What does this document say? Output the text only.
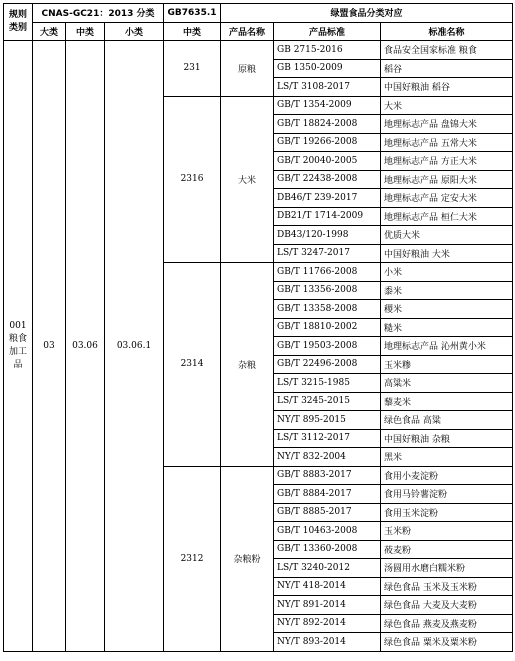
规则类别	CNAS-GC21：2013 分类			GB7635.1	绿盟食品分类对应		
	大类	中类	小类	中类	产品名称	产品标准	标准名称
001粮食加工品	03	03.06	03.06.1	231	原粮	GB 2715-2016	食品安全国家标准 粮食
						GB 1350-2009	稻谷
						LS/T 3108-2017	中国好粮油 稻谷
				2316	大米	GB/T 1354-2009	大米
						GB/T 18824-2008	地理标志产品 盘锦大米
						GB/T 19266-2008	地理标志产品 五常大米
						GB/T 20040-2005	地理标志产品 方正大米
						GB/T 22438-2008	地理标志产品 原阳大米
						DB46/T 239-2017	地理标志产品 定安大米
						DB21/T 1714-2009	地理标志产品 桓仁大米
						DB43/120-1998	优质大米
						LS/T 3247-2017	中国好粮油 大米
				2314	杂粮	GB/T 11766-2008	小米
						GB/T 13356-2008	黍米
						GB/T 13358-2008	稷米
						GB/T 18810-2002	糙米
						GB/T 19503-2008	地理标志产品 沁州黄小米
						GB/T 22496-2008	玉米糁
						LS/T 3215-1985	高粱米
						LS/T 3245-2015	藜麦米
						NY/T 895-2015	绿色食品 高粱
						LS/T 3112-2017	中国好粮油 杂粮
						NY/T 832-2004	黑米
				2312	杂粮粉	GB/T 8883-2017	食用小麦淀粉
						GB/T 8884-2017	食用马铃薯淀粉
						GB/T 8885-2017	食用玉米淀粉
						GB/T 10463-2008	玉米粉
						GB/T 13360-2008	莜麦粉
						LS/T 3240-2012	汤圆用水磨白糯米粉
						NY/T 418-2014	绿色食品 玉米及玉米粉
						NY/T 891-2014	绿色食品 大麦及大麦粉
						NY/T 892-2014	绿色食品 燕麦及燕麦粉
						NY/T 893-2014	绿色食品 粟米及粟米粉
